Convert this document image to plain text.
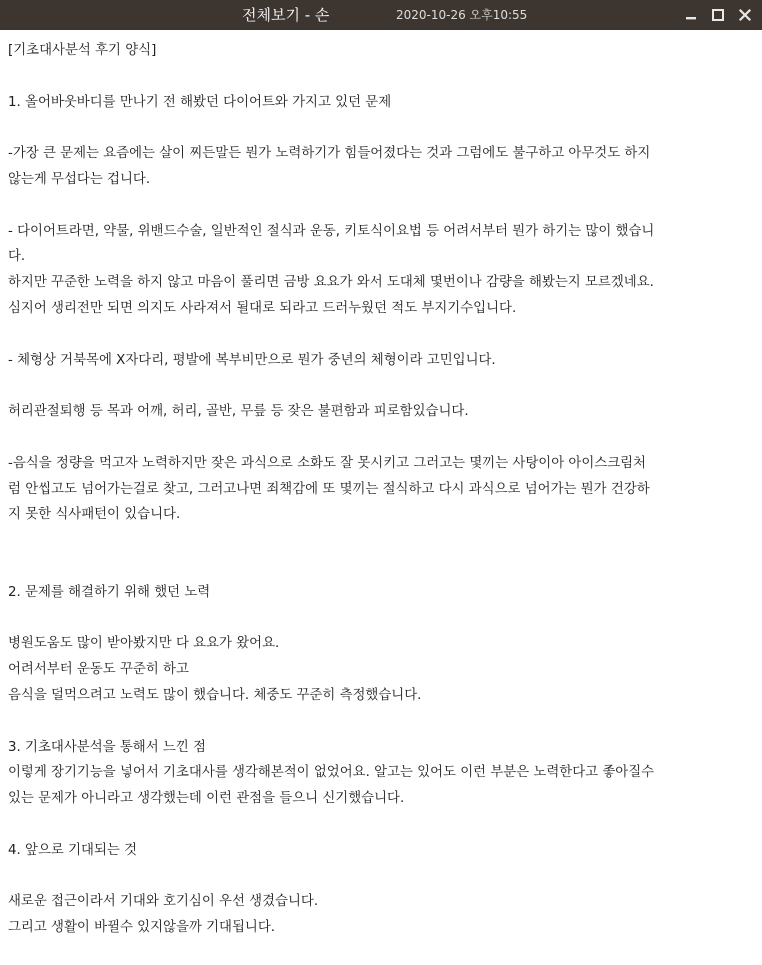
전체보기 - 손	2020-10-26 오후10:55
[기초대사분석 후기 양식]
1. 올어바웃바디를 만나기 전 해봤던 다이어트와 가지고 있던 문제
-가장 큰 문제는 요즘에는 살이 찌든말든 뭔가 노력하기가 힘들어졌다는 것과 그럼에도 불구하고 아무것도 하지
않는게 무섭다는 겁니다.
- 다이어트라면, 약물, 위밴드수술, 일반적인 절식과 운동, 키토식이요법 등 어려서부터 뭔가 하기는 많이 했습니
다.
하지만 꾸준한 노력을 하지 않고 마음이 풀리면 금방 요요가 와서 도대체 몇번이나 감량을 해봤는지 모르겠네요.
심지어 생리전만 되면 의지도 사라져서 될대로 되라고 드러누웠던 적도 부지기수입니다.
- 체형상 거북목에 X자다리, 평발에 복부비만으로 뭔가 중년의 체형이라 고민입니다.
허리관절퇴행 등 목과 어깨, 허리, 골반, 무릎 등 잦은 불편함과 피로함있습니다.
-음식을 정량을 먹고자 노력하지만 잦은 과식으로 소화도 잘 못시키고 그러고는 몇끼는 사탕이아 아이스크림처
럼 안씹고도 넘어가는걸로 찾고, 그러고나면 죄책감에 또 몇끼는 절식하고 다시 과식으로 넘어가는 뭔가 건강하
지 못한 식사패턴이 있습니다.
2. 문제를 해결하기 위해 했던 노력
병원도움도 많이 받아봤지만 다 요요가 왔어요.
어려서부터 운동도 꾸준히 하고
음식을 덜먹으려고 노력도 많이 했습니다. 체중도 꾸준히 측정했습니다.
3. 기초대사분석을 통해서 느낀 점
이렇게 장기기능을 넣어서 기초대사를 생각해본적이 없었어요. 알고는 있어도 이런 부분은 노력한다고 좋아질수
있는 문제가 아니라고 생각했는데 이런 관점을 들으니 신기했습니다.
4. 앞으로 기대되는 것
새로운 접근이라서 기대와 호기심이 우선 생겼습니다.
그리고 생활이 바뀔수 있지않을까 기대됩니다.
